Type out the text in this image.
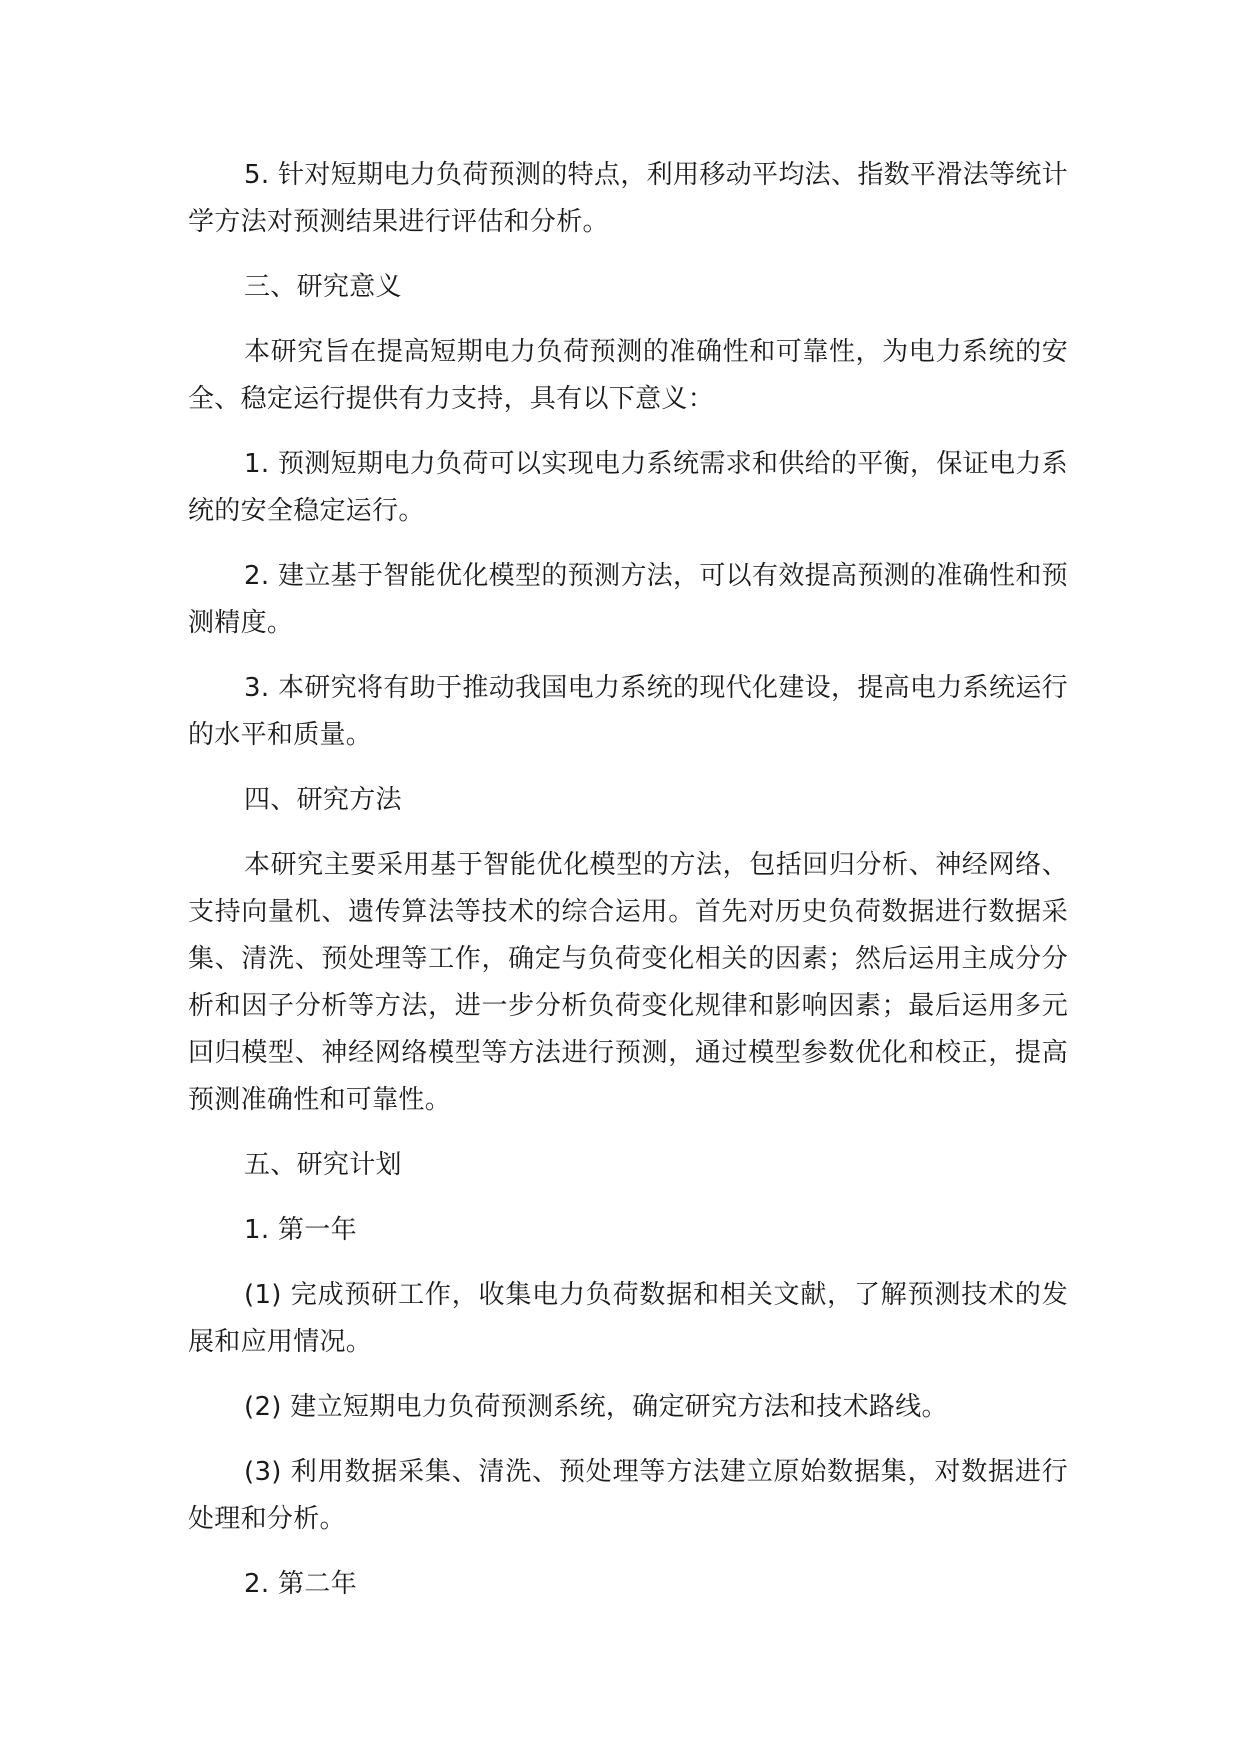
5. 针对短期电力负荷预测的特点，利用移动平均法、指数平滑法等统计学方法对预测结果进行评估和分析。

三、研究意义

本研究旨在提高短期电力负荷预测的准确性和可靠性，为电力系统的安全、稳定运行提供有力支持，具有以下意义：

1. 预测短期电力负荷可以实现电力系统需求和供给的平衡，保证电力系统的安全稳定运行。

2. 建立基于智能优化模型的预测方法，可以有效提高预测的准确性和预测精度。

3. 本研究将有助于推动我国电力系统的现代化建设，提高电力系统运行的水平和质量。

四、研究方法

本研究主要采用基于智能优化模型的方法，包括回归分析、神经网络、支持向量机、遗传算法等技术的综合运用。首先对历史负荷数据进行数据采集、清洗、预处理等工作，确定与负荷变化相关的因素；然后运用主成分分析和因子分析等方法，进一步分析负荷变化规律和影响因素；最后运用多元回归模型、神经网络模型等方法进行预测，通过模型参数优化和校正，提高预测准确性和可靠性。

五、研究计划

1. 第一年

(1) 完成预研工作，收集电力负荷数据和相关文献，了解预测技术的发展和应用情况。

(2) 建立短期电力负荷预测系统，确定研究方法和技术路线。

(3) 利用数据采集、清洗、预处理等方法建立原始数据集，对数据进行处理和分析。

2. 第二年
